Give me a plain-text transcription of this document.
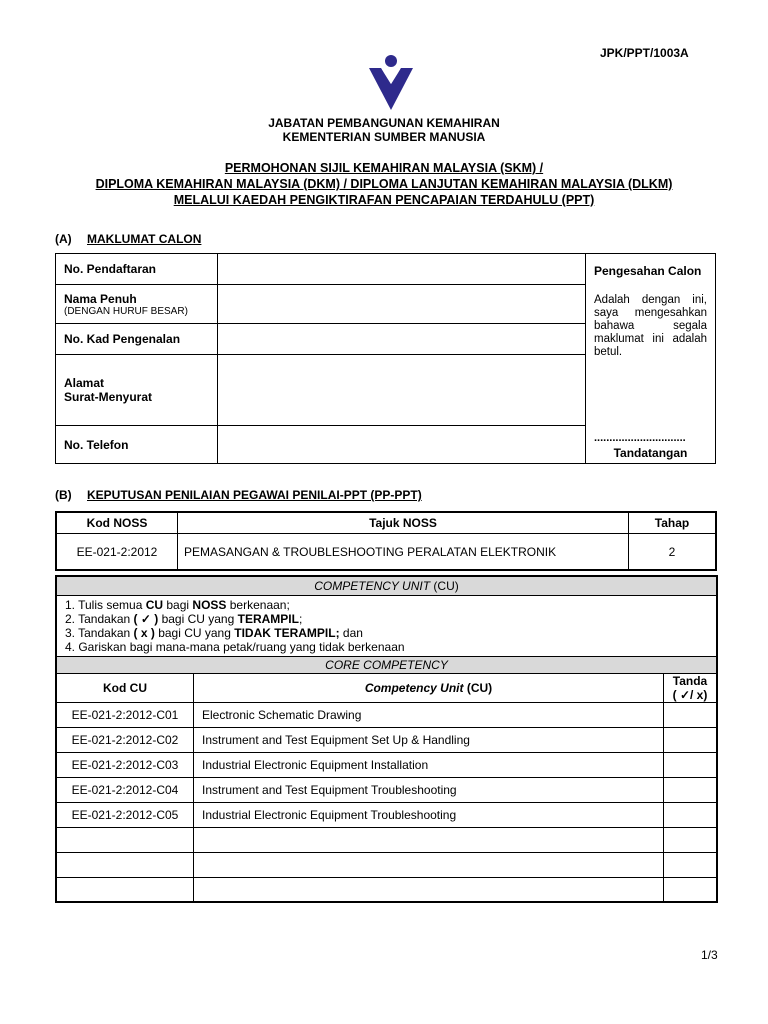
JPK/PPT/1003A
JABATAN PEMBANGUNAN KEMAHIRAN
KEMENTERIAN SUMBER MANUSIA
PERMOHONAN SIJIL KEMAHIRAN MALAYSIA (SKM) /
DIPLOMA KEMAHIRAN MALAYSIA (DKM) / DIPLOMA LANJUTAN KEMAHIRAN MALAYSIA (DLKM)
MELALUI KAEDAH PENGIKTIRAFAN PENCAPAIAN TERDAHULU (PPT)
(A) MAKLUMAT CALON
No. Pendaftaran		Pengesahan Calon
Adalah dengan ini, saya mengesahkan bahawa segala maklumat ini adalah betul.
..............................
Tandatangan

Nama Penuh
(DENGAN HURUF BESAR)		

No. Kad Pengenalan		

Alamat
Surat-Menyurat		

No. Telefon		
(B) KEPUTUSAN PENILAIAN PEGAWAI PENILAI-PPT (PP-PPT)
Kod NOSS	Tajuk NOSS	Tahap
EE-021-2:2012	PEMASANGAN & TROUBLESHOOTING PERALATAN ELEKTRONIK	2
COMPETENCY UNIT (CU)		

1. Tulis semua CU bagi NOSS berkenaan;
2. Tandakan ( ✓ ) bagi CU yang TERAMPIL;
3. Tandakan ( x ) bagi CU yang TIDAK TERAMPIL; dan
4. Gariskan bagi mana-mana petak/ruang yang tidak berkenaan		

CORE COMPETENCY		
Kod CU	Competency Unit (CU)	Tanda
( ✓/ x)

EE-021-2:2012-C01	Electronic Schematic Drawing	
EE-021-2:2012-C02	Instrument and Test Equipment Set Up & Handling	
EE-021-2:2012-C03	Industrial Electronic Equipment Installation	
EE-021-2:2012-C04	Instrument and Test Equipment Troubleshooting	
EE-021-2:2012-C05	Industrial Electronic Equipment Troubleshooting	

1/3
